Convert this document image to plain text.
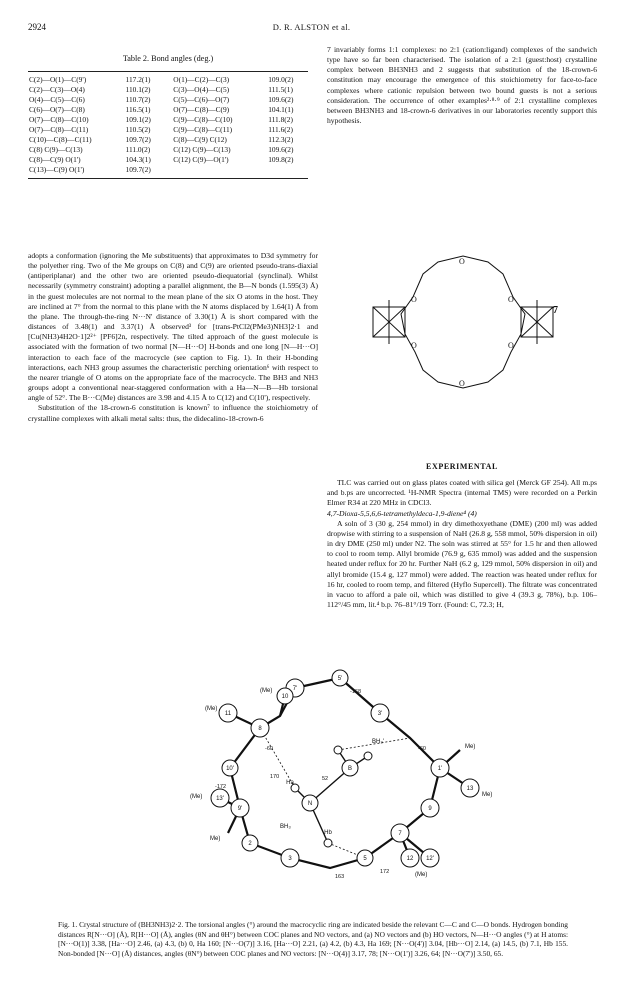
2924	D. R. ALSTON et al.
Table 2. Bond angles (deg.)
C(2)—O(1)—C(9')	117.2(1)	O(1)—C(2)—C(3)	109.0(2)
C(2)—C(3)—O(4)	110.1(2)	C(3)—O(4)—C(5)	111.5(1)
O(4)—C(5)—C(6)	110.7(2)	C(5)—C(6)—O(7)	109.6(2)
C(6)—O(7)—C(8)	116.5(1)	O(7)—C(8)—C(9)	104.1(1)
O(7)—C(8)—C(10)	109.1(2)	C(9)—C(8)—C(10)	111.8(2)
O(7)—C(8)—C(11)	110.5(2)	C(9)—C(8)—C(11)	111.6(2)
C(10)—C(8)—C(11)	109.7(2)	C(8)—C(9) C(12)	112.3(2)
C(8) C(9)—C(13)	111.0(2)	C(12) C(9)—C(13)	109.6(2)
C(8)—C(9) O(1')	104.3(1)	C(12) C(9)—O(1')	109.8(2)
C(13)—C(9) O(1')	109.7(2)		

adopts a conformation (ignoring the Me substituents) that approximates to D3d symmetry for the polyether ring. Two of the Me groups on C(8) and C(9) are oriented pseudo-trans-diaxial (antiperiplanar) and the other two are oriented pseudo-diequatorial (synclinal). Whilst necessarily (symmetry constraint) adopting a parallel alignment, the B—N bonds (1.595(3) Å) in the guest molecules are not normal to the mean plane of the six O atoms in the host. They are inclined at 7° from the normal to this plane with the N atoms displaced by 1.64(1) Å from the plane. The through-the-ring N···N' distance of 3.30(1) Å is short compared with the distances of 3.48(1) and 3.37(1) Å observed³ for [trans-PtCl2(PMe3)NH3]2·1 and [Cu(NH3)4H2O·1]2²⁺ [PF6]2n, respectively. The tilted approach of the guest molecule is associated with the formation of two normal [N—H···O] H-bonds and one long [N—H···O] interaction to each face of the macrocycle (see caption to Fig. 1). In their H-bonding interactions, each NH3 group assumes the characteristic perching orientation⁶ with respect to the nearer triangle of O atoms on the appropriate face of the macrocycle. The BH3 and NH3 groups adopt a conventional near-staggered conformation with a Ha—N—B—Hb torsional angle of 52°. The B···C(Me) distances are 3.98 and 4.15 Å to C(12) and C(10'), respectively.

Substitution of the 18-crown-6 constitution is known⁷ to influence the stoichiometry of crystalline complexes with alkali metal salts: thus, the didecalino-18-crown-6

7 invariably forms 1:1 complexes: no 2:1 (cation:ligand) complexes of the sandwich type have so far been characterised. The isolation of a 2:1 (guest:host) crystalline complex between BH3NH3 and 2 suggests that substitution of the 18-crown-6 constitution may encourage the emergence of this stoichiometry for face-to-face complexes where cationic repulsion between two bound guests is not a serious consideration. The occurrence of other examples²·⁸·⁹ of 2:1 crystalline complexes between BH3NH3 and 18-crown-6 derivatives in our laboratories recently support this hypothesis.

O
O
O	O
O	O
7
EXPERIMENTAL

TLC was carried out on glass plates coated with silica gel (Merck GF 254). All m.ps and b.ps are uncorrected. ¹H-NMR Spectra (internal TMS) were recorded on a Perkin Elmer R34 at 220 MHz in CDCl3.

4,7-Dioxa-5,5,6,6-tetramethyldeca-1,9-diene⁴ (4)

A soln of 3 (30 g, 254 mmol) in dry dimethoxyethane (DME) (200 ml) was added dropwise with stirring to a suspension of NaH (26.8 g, 558 mmol, 50% dispersion in oil) in dry DME (250 ml) under N2. The soln was stirred at 55° for 1.5 hr and then allowed to cool to room temp. Allyl bromide (76.9 g, 635 mmol) was added and the suspension heated under reflux for 20 hr. Further NaH (6.2 g, 129 mmol, 50% dispersion in oil) and allyl bromide (15.4 g, 127 mmol) were added. The reaction was heated under reflux for 16 hr, cooled to room temp, and filtered (Hyflo Supercell). The filtrate was concentrated in vacuo to afford a pale oil, which was distilled to give 4 (39.3 g, 78%), b.p. 106–112°/45 mm, lit.⁴ b.p. 76–81°/19 Torr. (Found: C, 72.3; H,

8
7'
5'
3'
1'
9
7
5
3
2
9'
10'
11
10
13
13'
12 12'
N
B
Hb
Ha
(Me)
(Me)
Me)
Me)
(Me)
Me)
BH₃'
BH₃
(Me)
-60
170
-172
-168
-60
163
172
52
Fig. 1. Crystal structure of (BH3NH3)2·2. The torsional angles (°) around the macrocyclic ring are indicated beside the relevant C—C and C—O bonds. Hydrogen bonding distances R[N···O] (Å), R[H···O] (Å), angles (θN and θH°) between COC planes and NO vectors, and (a) NO vectors and (b) HO vectors, N—H···O angles (°) at H atoms: [N···O(1)] 3.38, [Ha···O] 2.46, (a) 4.3, (b) 0, Ha 160; [N···O(7)] 3.16, [Ha···O] 2.21, (a) 4.2, (b) 4.3, Ha 169; [N···O(4')] 3.04, [Hb···O] 2.14, (a) 14.5, (b) 7.1, Hb 155. Non-bonded [N···O] (Å) distances, angles (θN°) between COC planes and NO vectors: [N···O(4)] 3.17, 78; [N···O(1')] 3.26, 64; [N···O(7')] 3.50, 65.
